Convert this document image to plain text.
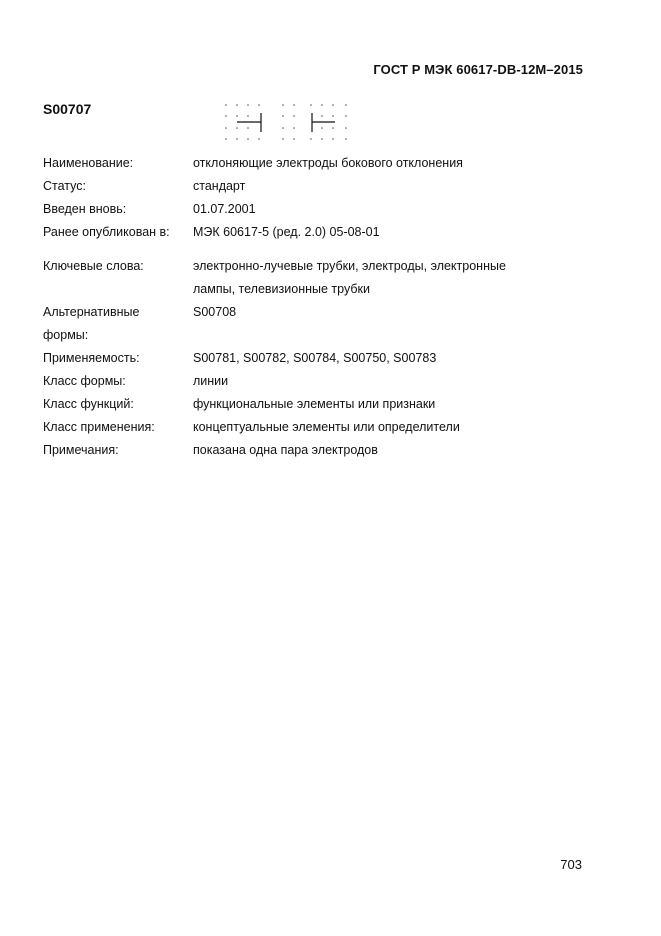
ГОСТ Р МЭК 60617-DB-12M–2015
S00707
Наименование:	отклоняющие электроды бокового отклонения
Статус:	стандарт
Введен вновь:	01.07.2001
Ранее опубликован в: МЭК 60617-5 (ред. 2.0) 05-08-01
Ключевые слова:	электронно-лучевые трубки, электроды, электронные
лампы, телевизионные трубки
Альтернативные	S00708
формы:
Применяемость:	S00781, S00782, S00784, S00750, S00783
Класс формы:	линии
Класс функций:	функциональные элементы или признаки
Класс применения:	концептуальные элементы или определители
Примечания:	показана одна пара электродов
703
